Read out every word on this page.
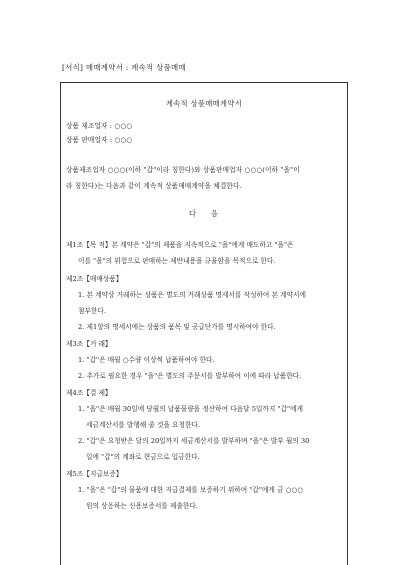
[서식] 매매계약서 : 계속적 상품매매
계속적 상품매매계약서
상품 제조업자 : ○○○
상품 판매업자 : ○○○
상품제조업자 ○○○(이하 "갑"이라 칭한다)와 상품판매업자 ○○○(이하 "을"이
라 칭한다)는 다음과 같이 계속적 상품매매계약을 체결한다.
다 음
제1조【목 적】본 계약은 "갑"의 제품을 지속적으로 "을"에게 매도하고 "을"은
이를 "을"의 위험으로 판매하는 제반내용을 규율함을 목적으로 한다.
제2조【매매상품】
1. 본 계약상 거래하는 상품은 별도의 거래상품 명세서를 작성하여 본 계약서에
첨부한다.
2. 제1항의 명세서에는 상품의 품목 및 공급단가를 명시하여야 한다.
제3조【거 래】
1. "갑"은 매월 ○수량 이상씩 납품하여야 한다.
2. 추가로 필요한 경우 "을"은 별도의 주문서를 발부하여 이에 따라 납품한다.
제4조【결 제】
1. "을"은 매월 30일에 당월의 납품물량을 정산하여 다음달 5일까지 "갑"에게
세금계산서를 발행해 줄 것을 요청한다.
2. "갑"은 요청받은 달의 20일까지 세금계산서를 발부하며 "을"은 발부 월의 30
일에 "갑"의 계좌로 현금으로 입금한다.
제5조【지급보증】
1. "을"은 "갑"의 물품에 대한 지급결제를 보증하기 위하여 "갑"에게 금 ○○○
원의 상응하는 신용보증서를 제출한다.
